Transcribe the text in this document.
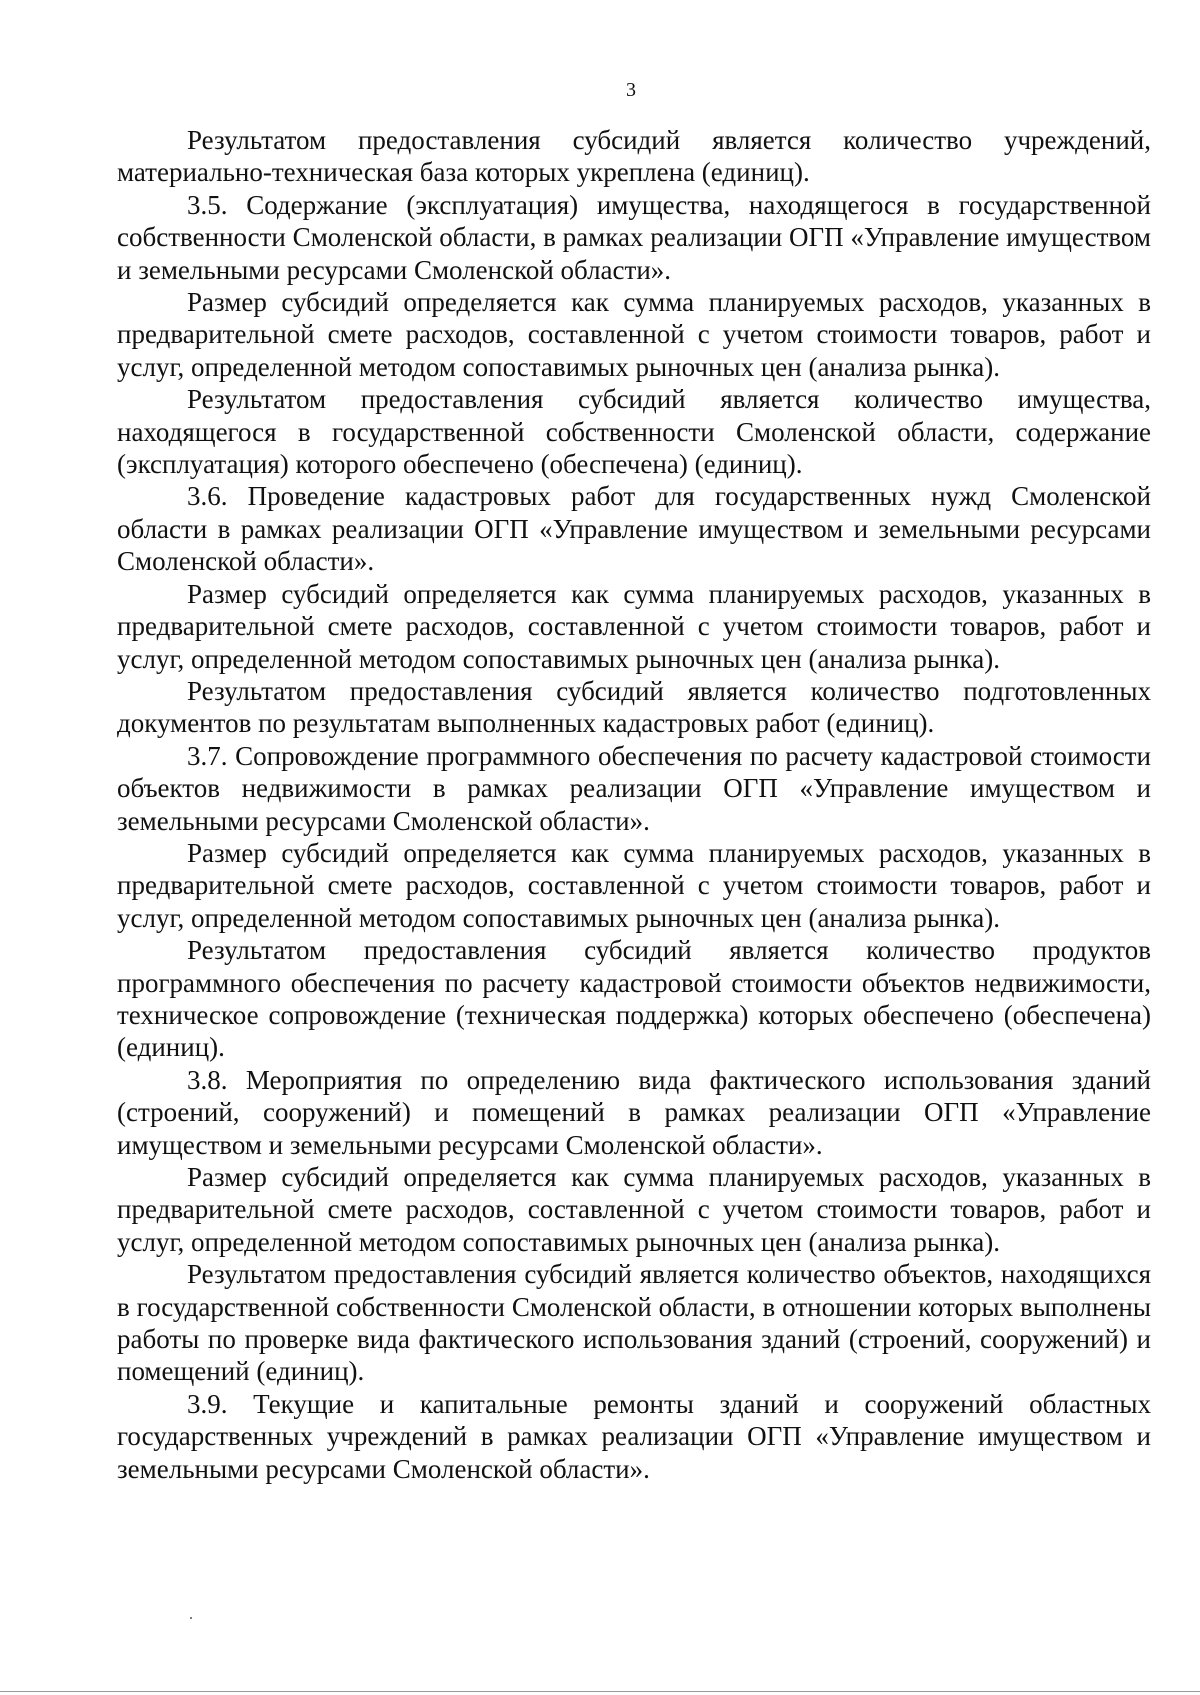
3

Результатом предоставления субсидий является количество учреждений, материально-техническая база которых укреплена (единиц).

3.5. Содержание (эксплуатация) имущества, находящегося в государственной собственности Смоленской области, в рамках реализации ОГП «Управление имуществом и земельными ресурсами Смоленской области».

Размер субсидий определяется как сумма планируемых расходов, указанных в предварительной смете расходов, составленной с учетом стоимости товаров, работ и услуг, определенной методом сопоставимых рыночных цен (анализа рынка).

Результатом предоставления субсидий является количество имущества, находящегося в государственной собственности Смоленской области, содержание (эксплуатация) которого обеспечено (обеспечена) (единиц).

3.6. Проведение кадастровых работ для государственных нужд Смоленской области в рамках реализации ОГП «Управление имуществом и земельными ресурсами Смоленской области».

Размер субсидий определяется как сумма планируемых расходов, указанных в предварительной смете расходов, составленной с учетом стоимости товаров, работ и услуг, определенной методом сопоставимых рыночных цен (анализа рынка).

Результатом предоставления субсидий является количество подготовленных документов по результатам выполненных кадастровых работ (единиц).

3.7. Сопровождение программного обеспечения по расчету кадастровой стоимости объектов недвижимости в рамках реализации ОГП «Управление имуществом и земельными ресурсами Смоленской области».

Размер субсидий определяется как сумма планируемых расходов, указанных в предварительной смете расходов, составленной с учетом стоимости товаров, работ и услуг, определенной методом сопоставимых рыночных цен (анализа рынка).

Результатом предоставления субсидий является количество продуктов программного обеспечения по расчету кадастровой стоимости объектов недвижимости, техническое сопровождение (техническая поддержка) которых обеспечено (обеспечена) (единиц).

3.8. Мероприятия по определению вида фактического использования зданий (строений, сооружений) и помещений в рамках реализации ОГП «Управление имуществом и земельными ресурсами Смоленской области».

Размер субсидий определяется как сумма планируемых расходов, указанных в предварительной смете расходов, составленной с учетом стоимости товаров, работ и услуг, определенной методом сопоставимых рыночных цен (анализа рынка).

Результатом предоставления субсидий является количество объектов, находящихся в государственной собственности Смоленской области, в отношении которых выполнены работы по проверке вида фактического использования зданий (строений, сооружений) и помещений (единиц).

3.9. Текущие и капитальные ремонты зданий и сооружений областных государственных учреждений в рамках реализации ОГП «Управление имуществом и земельными ресурсами Смоленской области».
